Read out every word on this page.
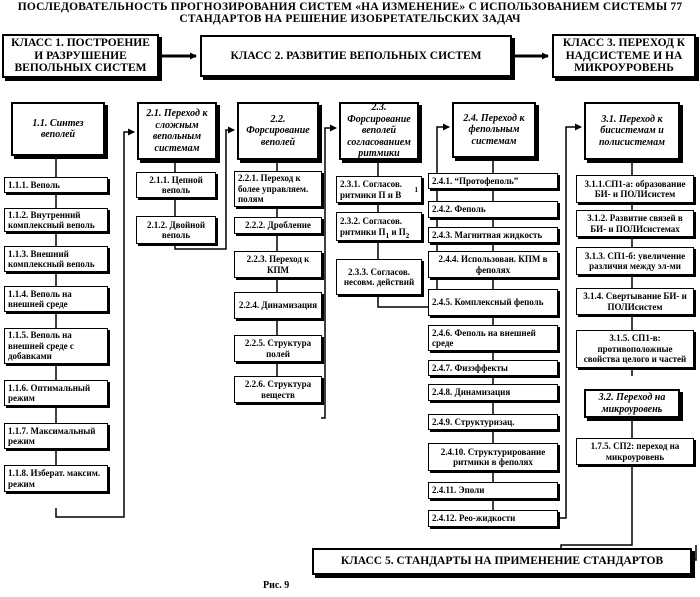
ПОСЛЕДОВАТЕЛЬНОСТЬ ПРОГНОЗИРОВАНИЯ СИСТЕМ «НА ИЗМЕНЕНИЕ» С ИСПОЛЬЗОВАНИЕМ СИСТЕМЫ 77 СТАНДАРТОВ НА РЕШЕНИЕ ИЗОБРЕТАТЕЛЬСКИХ ЗАДАЧ
КЛАСС 1. ПОСТРОЕНИЕ И РАЗРУШЕНИЕ ВЕПОЛЬНЫХ СИСТЕМ
КЛАСС 2. РАЗВИТИЕ ВЕПОЛЬНЫХ СИСТЕМ
КЛАСС 3. ПЕРЕХОД К НАДСИСТЕМЕ И НА МИКРОУРОВЕНЬ
КЛАСС 5. СТАНДАРТЫ НА ПРИМЕНЕНИЕ СТАНДАРТОВ
1.1. Синтез веполей
2.1. Переход к сложным вепольным системам
2.2. Форсирование веполей
2.3. Форсирование веполей согласованием ритмики
2.4. Переход к фепольным системам
3.1. Переход к бисистемам и полисистемам
3.2. Переход на микроуровень
1.1.1. Веполь
1.1.2. Внутренний комплексный веполь
1.1.3. Внешний комплексный веполь
1.1.4. Веполь на внешней среде
1.1.5. Веполь на внешней среде с добавками
1.1.6. Оптимальный режим
1.1.7. Максимальный режим
1.1.8. Изберат. максим. режим
2.1.1. Цепной веполь
2.1.2. Двойной веполь
2.2.1. Переход к более управляем. полям
2.2.2. Дробление
2.2.3. Переход к КПМ
2.2.4. Динамизация
2.2.5. Структура полей
2.2.6. Структура веществ
2.3.1. Согласов. ритмики П и В	1
2.3.2. Согласов. ритмики $П_1$ и $П_2$
2.3.3. Согласов. несовм. действий
2.4.1. “Протофеполь”
2.4.2. Феполь
2.4.3. Магнитная жидкость
2.4.4. Использован. КПМ в феполях
2.4.5. Комплексный феполь
2.4.6. Феполь на внешней среде
2.4.7. Физэффекты
2.4.8. Динамизация
2.4.9. Структуризац.
2.4.10. Структурирование ритмики в феполях
2.4.11. Эполи
2.4.12. Рео-жидкости
3.1.1.СП1-а: образование БИ- и ПОЛИсистем
3.1.2. Развитие связей в БИ- и ПОЛИсистемах
3.1.3. СП1-б: увеличение различия между эл-ми
3.1.4. Свертывание БИ- и ПОЛИсистем
3.1.5. СП1-в: противоположные свойства целого и частей
1.7.5. СП2: переход на микроуровень
Рис. 9
